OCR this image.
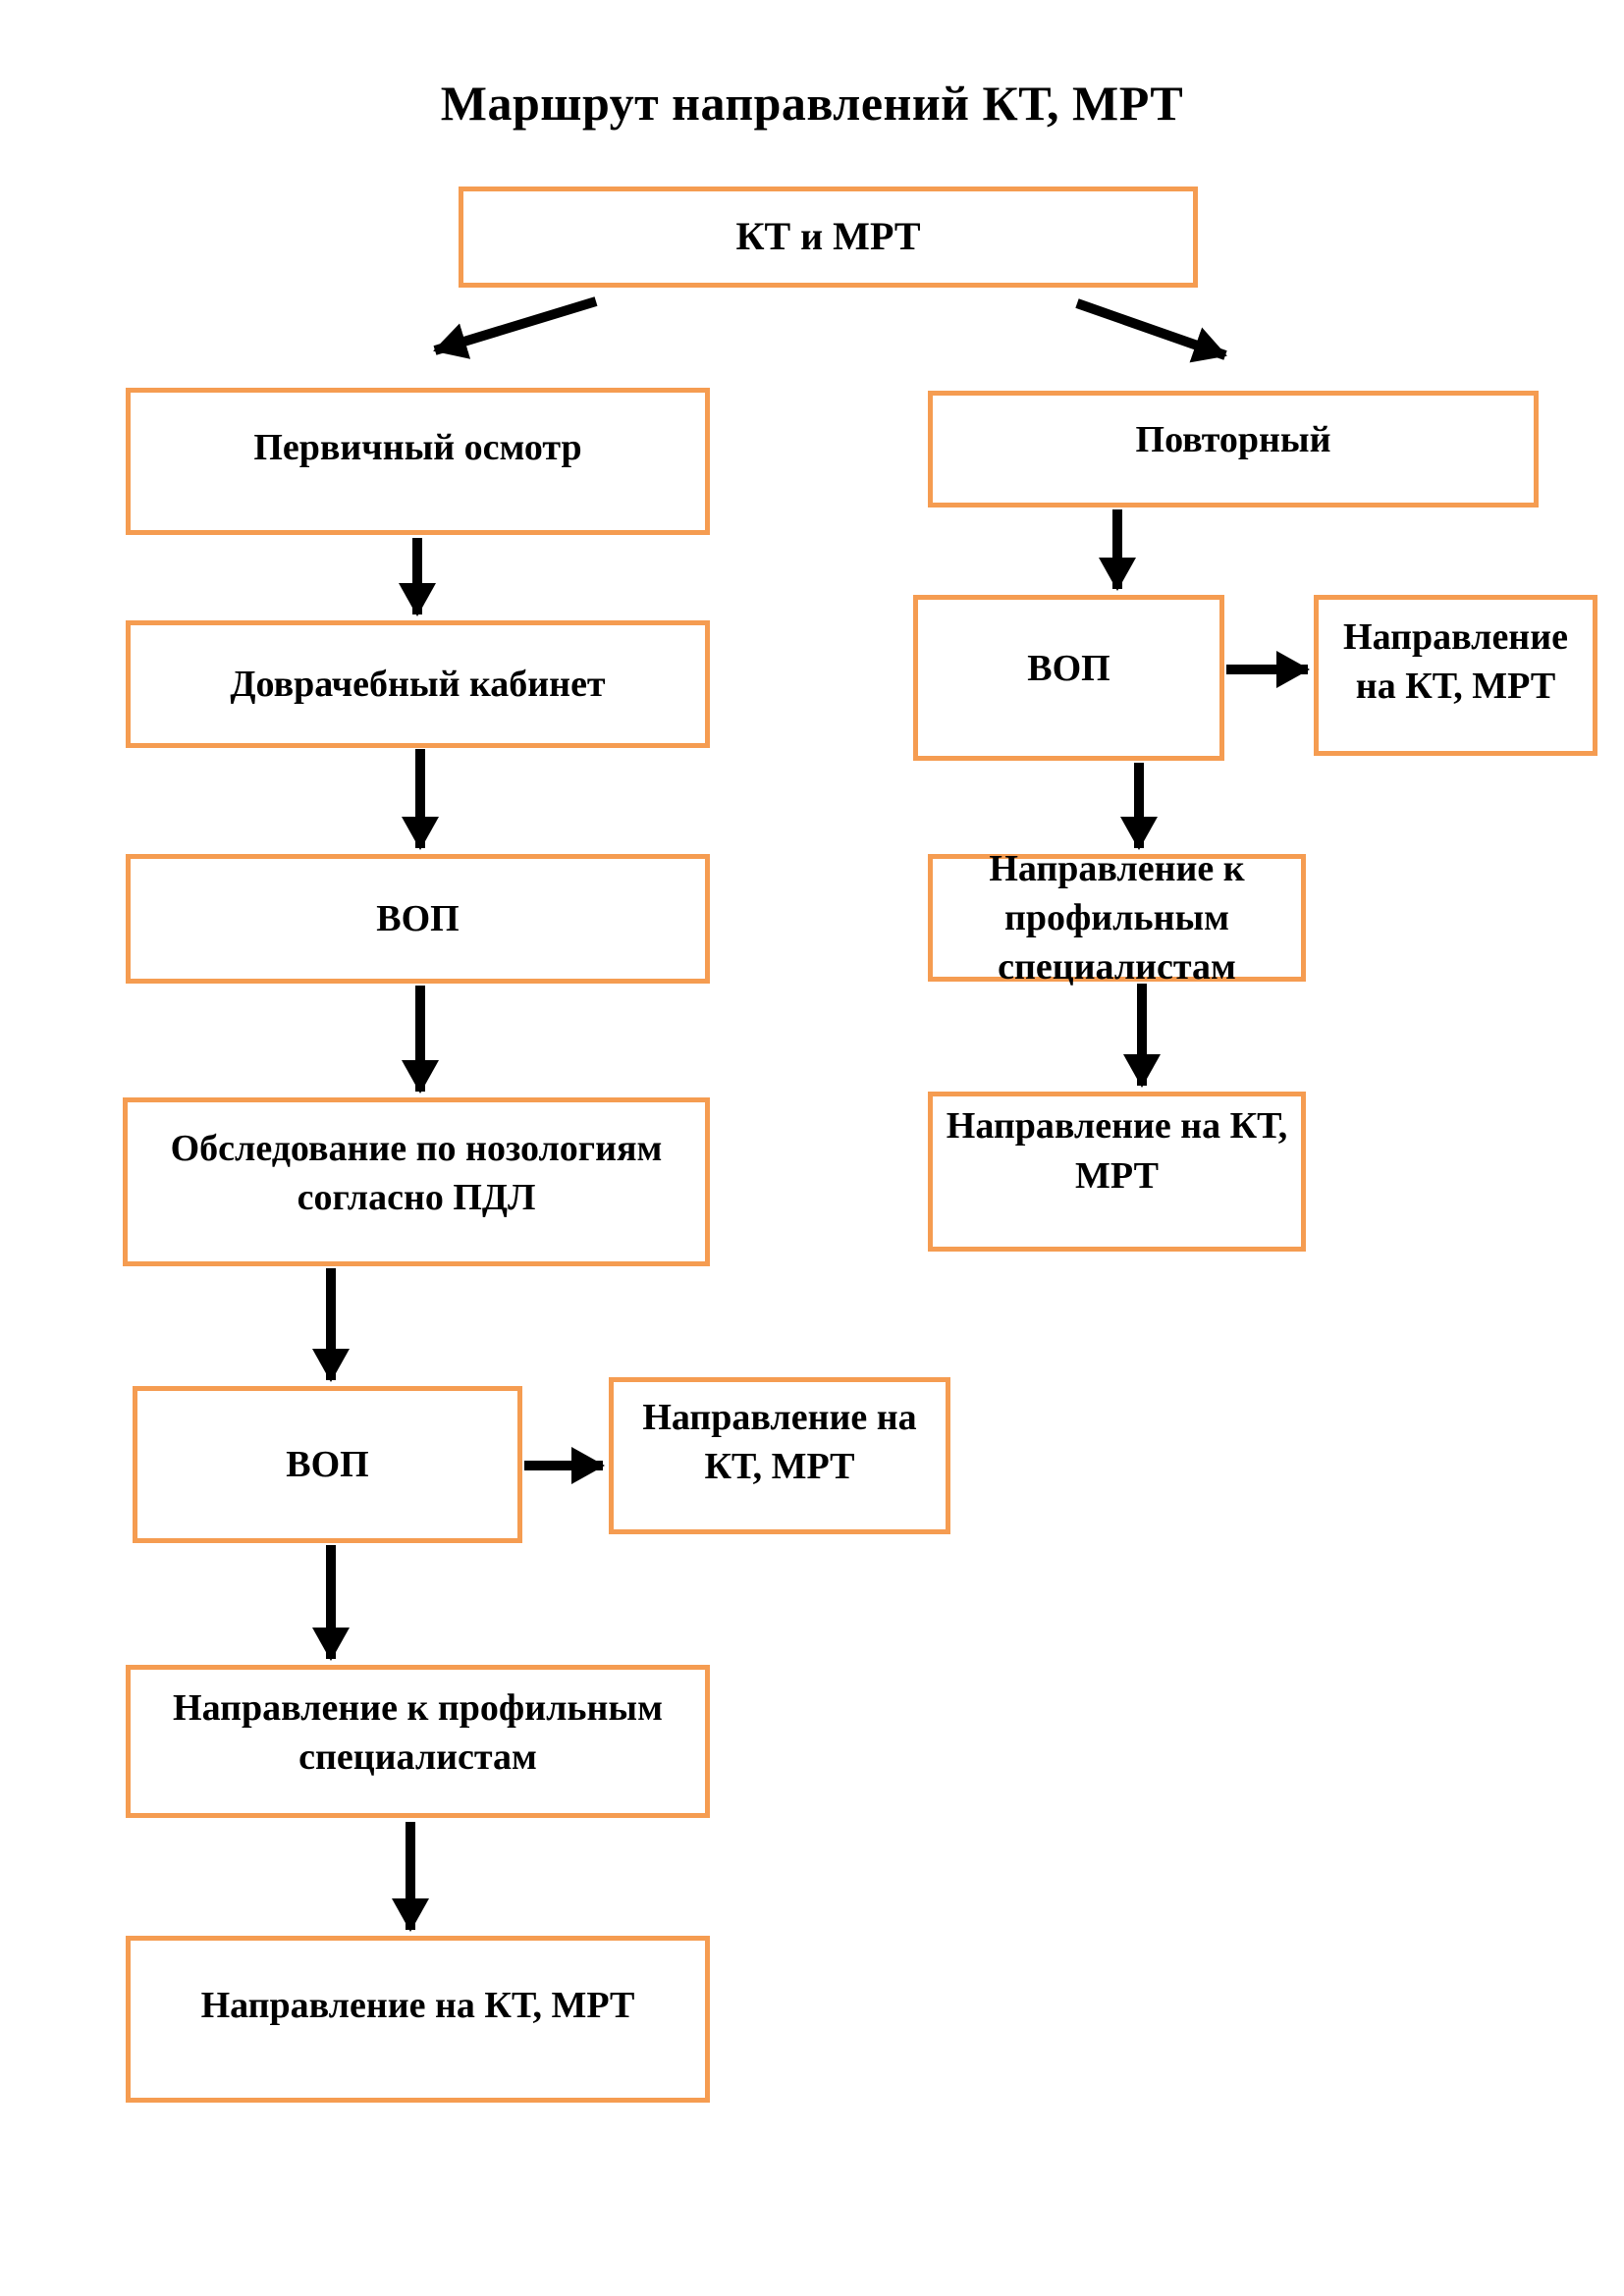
Маршрут направлений КТ, МРТ
КТ и МРТ
Первичный осмотр
Доврачебный кабинет
ВОП
Обследование по нозологиям
согласно ПДЛ
ВОП
Направление на
КТ, МРТ
Направление к профильным
специалистам
Направление на КТ, МРТ
Повторный
ВОП
Направление
на КТ, МРТ
Направление к
профильным специалистам
Направление на КТ, МРТ
